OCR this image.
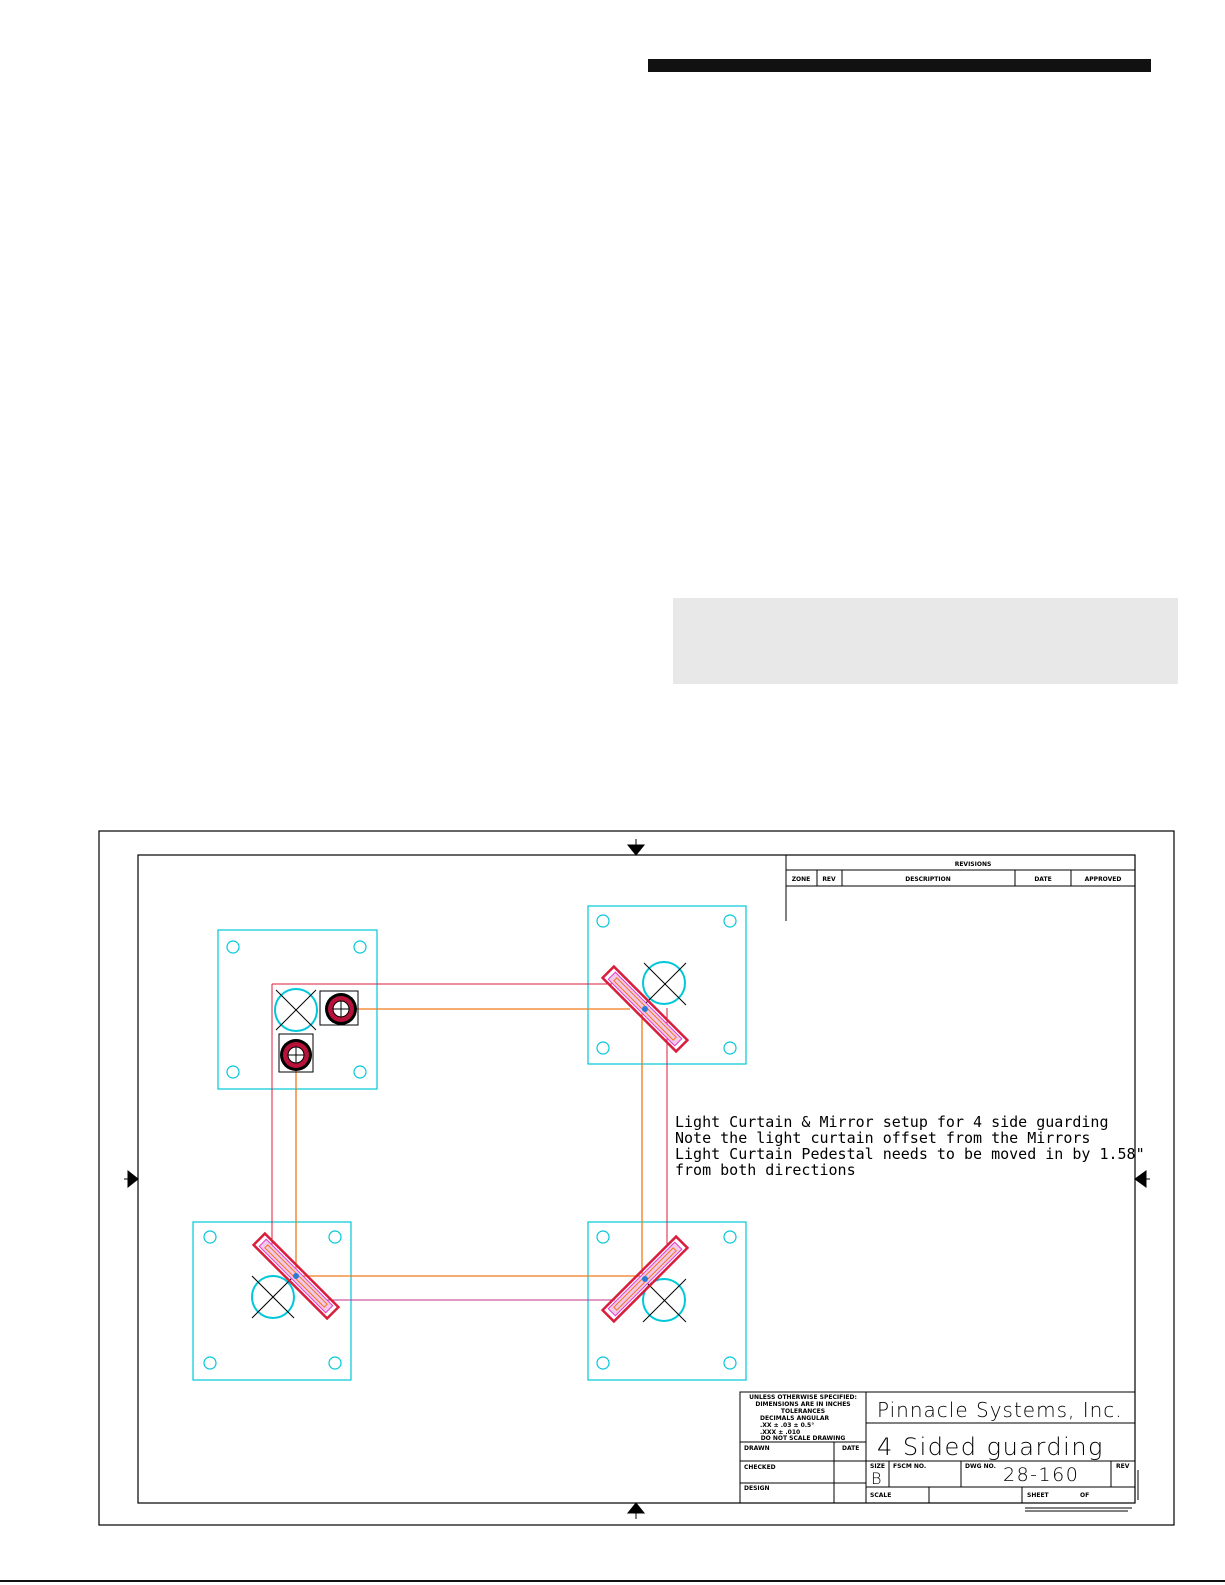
REVISIONS
ZONE REV	DESCRIPTION	DATE	APPROVED
Light Curtain & Mirror setup for 4 side guarding
Note the light curtain offset from the Mirrors
Light Curtain Pedestal needs to be moved in by 1.58"
from both directions
UNLESS OTHERWISE SPECIFIED:
DIMENSIONS ARE IN INCHES
TOLERANCES
DECIMALS ANGULAR
.XX ± .03 ± 0.5°
.XXX ± .010
DO NOT SCALE DRAWING
DRAWN	DATE
CHECKED
DESIGN
Pinnacle Systems, Inc.
4 Sided guarding
SIZE
B
FSCM NO.	DWG NO. 28-160	REV
SCALE	SHEET	OF
